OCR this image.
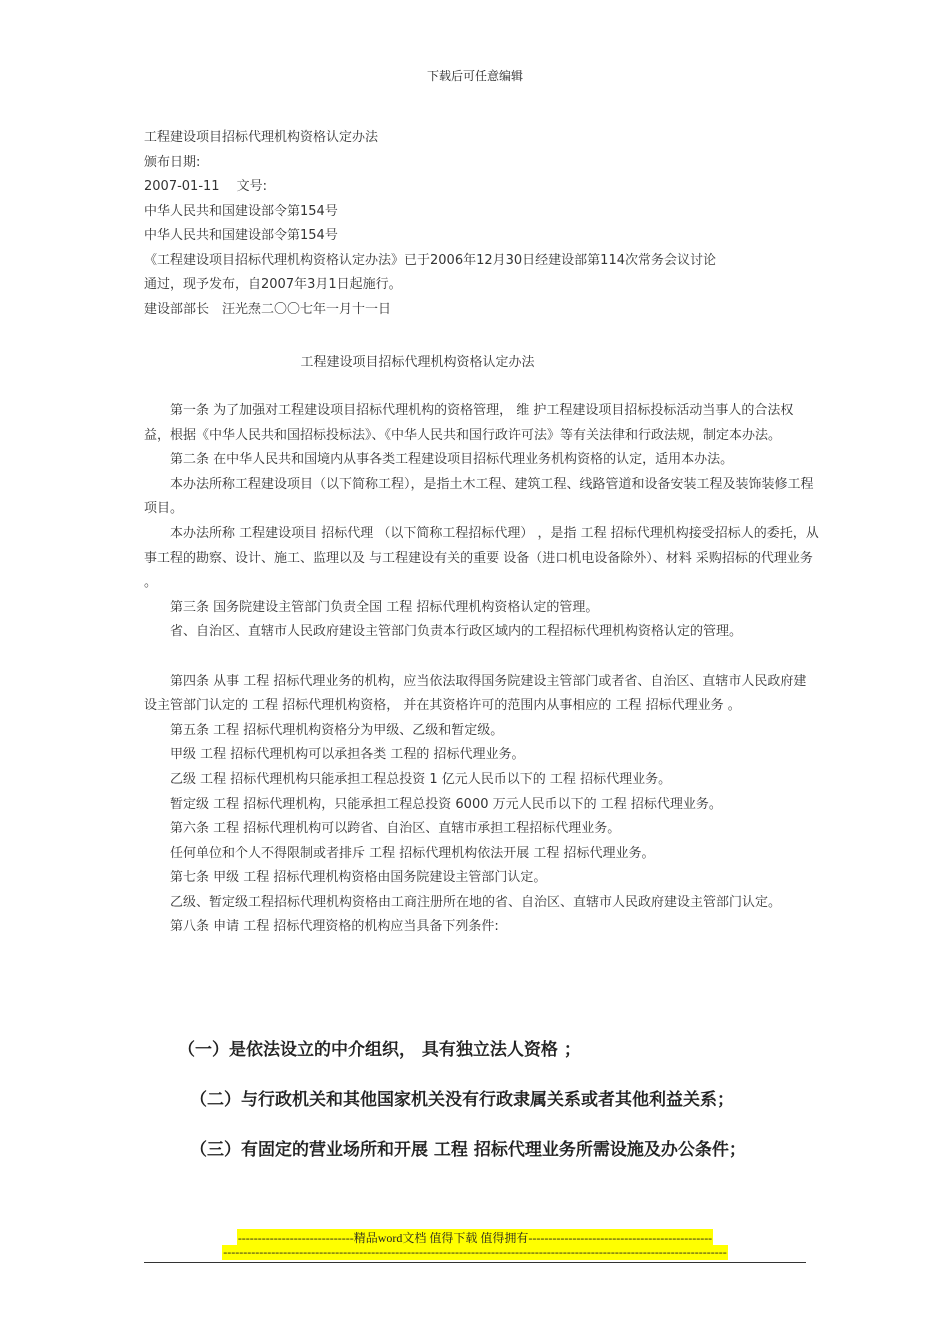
下载后可任意编辑
工程建设项目招标代理机构资格认定办法
颁布日期:
2007-01-11　 文号:
中华人民共和国建设部令第154号
中华人民共和国建设部令第154号
《工程建设项目招标代理机构资格认定办法》已于2006年12月30日经建设部第114次常务会议讨论
通过，现予发布，自2007年3月1日起施行。
建设部部长　汪光焘二〇〇七年一月十一日
工程建设项目招标代理机构资格认定办法

第一条 为了加强对工程建设项目招标代理机构的资格管理， 维 护工程建设项目招标投标活动当事人的合法权益，根据《中华人民共和国招标投标法》、《中华人民共和国行政许可法》等有关法律和行政法规，制定本办法。

第二条 在中华人民共和国境内从事各类工程建设项目招标代理业务机构资格的认定，适用本办法。

本办法所称工程建设项目（以下简称工程），是指土木工程、建筑工程、线路管道和设备安装工程及装饰装修工程项目。

本办法所称 工程建设项目 招标代理 （以下简称工程招标代理） ，是指 工程 招标代理机构接受招标人的委托，从事工程的勘察、设计、施工、监理以及 与工程建设有关的重要 设备（进口机电设备除外）、材料 采购招标的代理业务 。

第三条 国务院建设主管部门负责全国 工程 招标代理机构资格认定的管理。

省、自治区、直辖市人民政府建设主管部门负责本行政区域内的工程招标代理机构资格认定的管理。

第四条 从事 工程 招标代理业务的机构，应当依法取得国务院建设主管部门或者省、自治区、直辖市人民政府建设主管部门认定的 工程 招标代理机构资格， 并在其资格许可的范围内从事相应的 工程 招标代理业务 。

第五条 工程 招标代理机构资格分为甲级、乙级和暂定级。

甲级 工程 招标代理机构可以承担各类 工程的 招标代理业务。

乙级 工程 招标代理机构只能承担工程总投资 1 亿元人民币以下的 工程 招标代理业务。

暂定级 工程 招标代理机构，只能承担工程总投资 6000 万元人民币以下的 工程 招标代理业务。

第六条 工程 招标代理机构可以跨省、自治区、直辖市承担工程招标代理业务。

任何单位和个人不得限制或者排斥 工程 招标代理机构依法开展 工程 招标代理业务。

第七条 甲级 工程 招标代理机构资格由国务院建设主管部门认定。

乙级、暂定级工程招标代理机构资格由工商注册所在地的省、自治区、直辖市人民政府建设主管部门认定。

第八条 申请 工程 招标代理资格的机构应当具备下列条件:

（一）是依法设立的中介组织， 具有独立法人资格 ；
（二）与行政机关和其他国家机关没有行政隶属关系或者其他利益关系；
（三）有固定的营业场所和开展 工程 招标代理业务所需设施及办公条件；
-----------------------------精品word文档 值得下载 值得拥有----------------------------------------------
------------------------------------------------------------------------------------------------------------------------------
